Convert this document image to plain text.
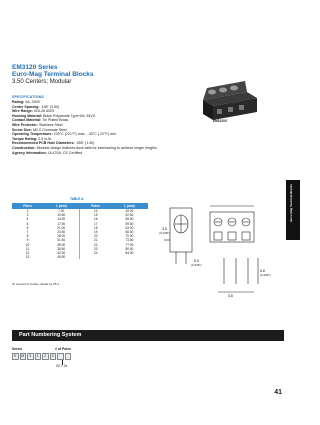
EM3120 Series
Euro-Mag Terminal Blocks
3.50 Centers; Modular
SPECIFICATIONS
Rating: 6A, 300V
Center Spacing: .138" (3.50)
Wire Range: #16-26 AWG
Housing Material: Black Polyamide Type 6/6, 94V0
Contact Material: Tin Plated Brass
Wire Protector: Stainless Steel
Screw Size: M2.0 Chromate Steel
Operating Temperature: 105°C (221°F) max., -30°C (-22°F) min.
Torque Rating: 2.5 in-lb.
Recommended PCB Hole Diameters: .055" (1.40)
Construction: Modular design features dove-tails for interlocking to achieve longer lengths
Agency Information: UL/CSA; CE Certified
EM3120X
Euro-Mag Terminal Blocks
TABLE A
Poles	L (mm)	Poles	L (mm)
2	7.00	14	49.00
3	10.50	15	52.50
4	14.00	16	56.00
5	17.50	17	59.50
6	21.00	18	63.00
7	24.50	19	66.50
8	28.00	20	70.00
9	31.50	21	73.50
10	35.00	22	77.00
11	38.50	23	80.50
12	42.00	24	84.00
13	45.50		
To convert to inches, divide by 25.4
3.5
(0.138")
8.5
(0.335")
6.8
(0.268")
3.8
Part Numbering System
Series	# of Poles
E	M	3	1	2	0
02 = 2s
41
